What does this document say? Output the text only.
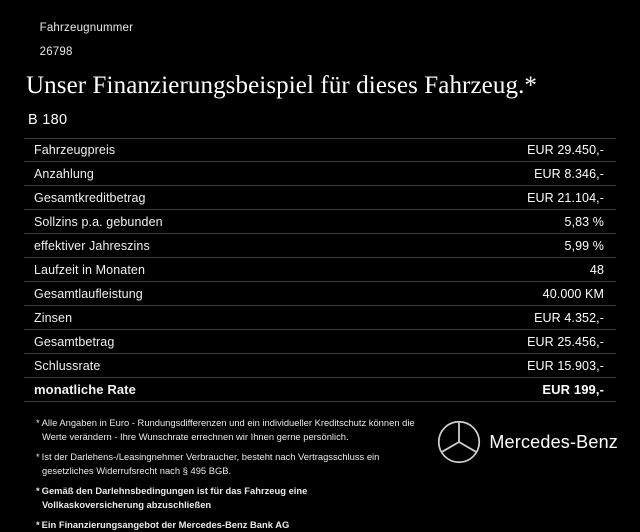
Fahrzeugnummer

26798

Unser Finanzierungsbeispiel für dieses Fahrzeug.*
B 180
Fahrzeugpreis	EUR 29.450,-
Anzahlung	EUR 8.346,-
Gesamtkreditbetrag	EUR 21.104,-
Sollzins p.a. gebunden	5,83 %
effektiver Jahreszins	5,99 %
Laufzeit in Monaten	48
Gesamtlaufleistung	40.000 KM
Zinsen	EUR 4.352,-
Gesamtbetrag	EUR 25.456,-
Schlussrate	EUR 15.903,-
monatliche Rate	EUR 199,-
* Alle Angaben in Euro - Rundungsdifferenzen und ein individueller Kreditschutz können die
Werte verändern - Ihre Wunschrate errechnen wir Ihnen gerne persönlich.
* Ist der Darlehens-/Leasingnehmer Verbraucher, besteht nach Vertragsschluss ein
gesetzliches Widerrufsrecht nach § 495 BGB.
* Gemäß den Darlehnsbedingungen ist für das Fahrzeug eine
Vollkaskoversicherung abzuschließen
* Ein Finanzierungsangebot der Mercedes-Benz Bank AG
Mercedes-Benz
